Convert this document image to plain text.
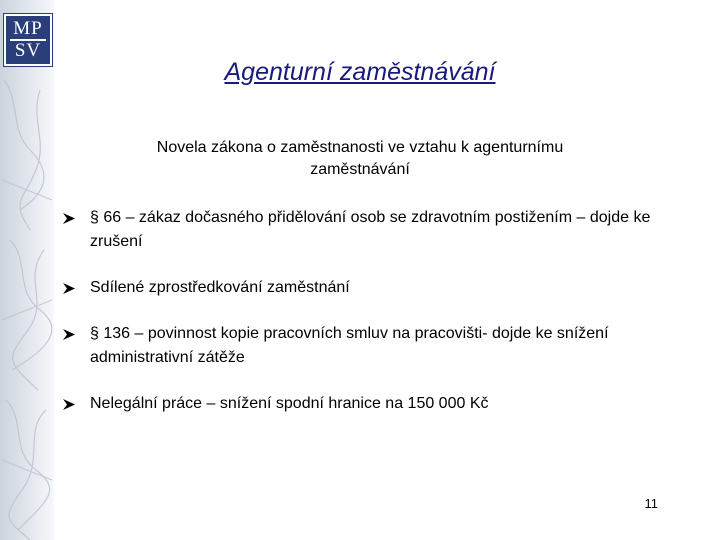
MP
SV
Agenturní zaměstnávání
Novela zákona o zaměstnanosti ve vztahu k agenturnímu zaměstnávání
§ 66 – zákaz dočasného přidělování osob se zdravotním postižením – dojde ke zrušení
Sdílené zprostředkování zaměstnání
§ 136 – povinnost kopie pracovních smluv na pracovišti- dojde ke snížení administrativní zátěže
Nelegální práce – snížení spodní hranice na 150 000 Kč
11
